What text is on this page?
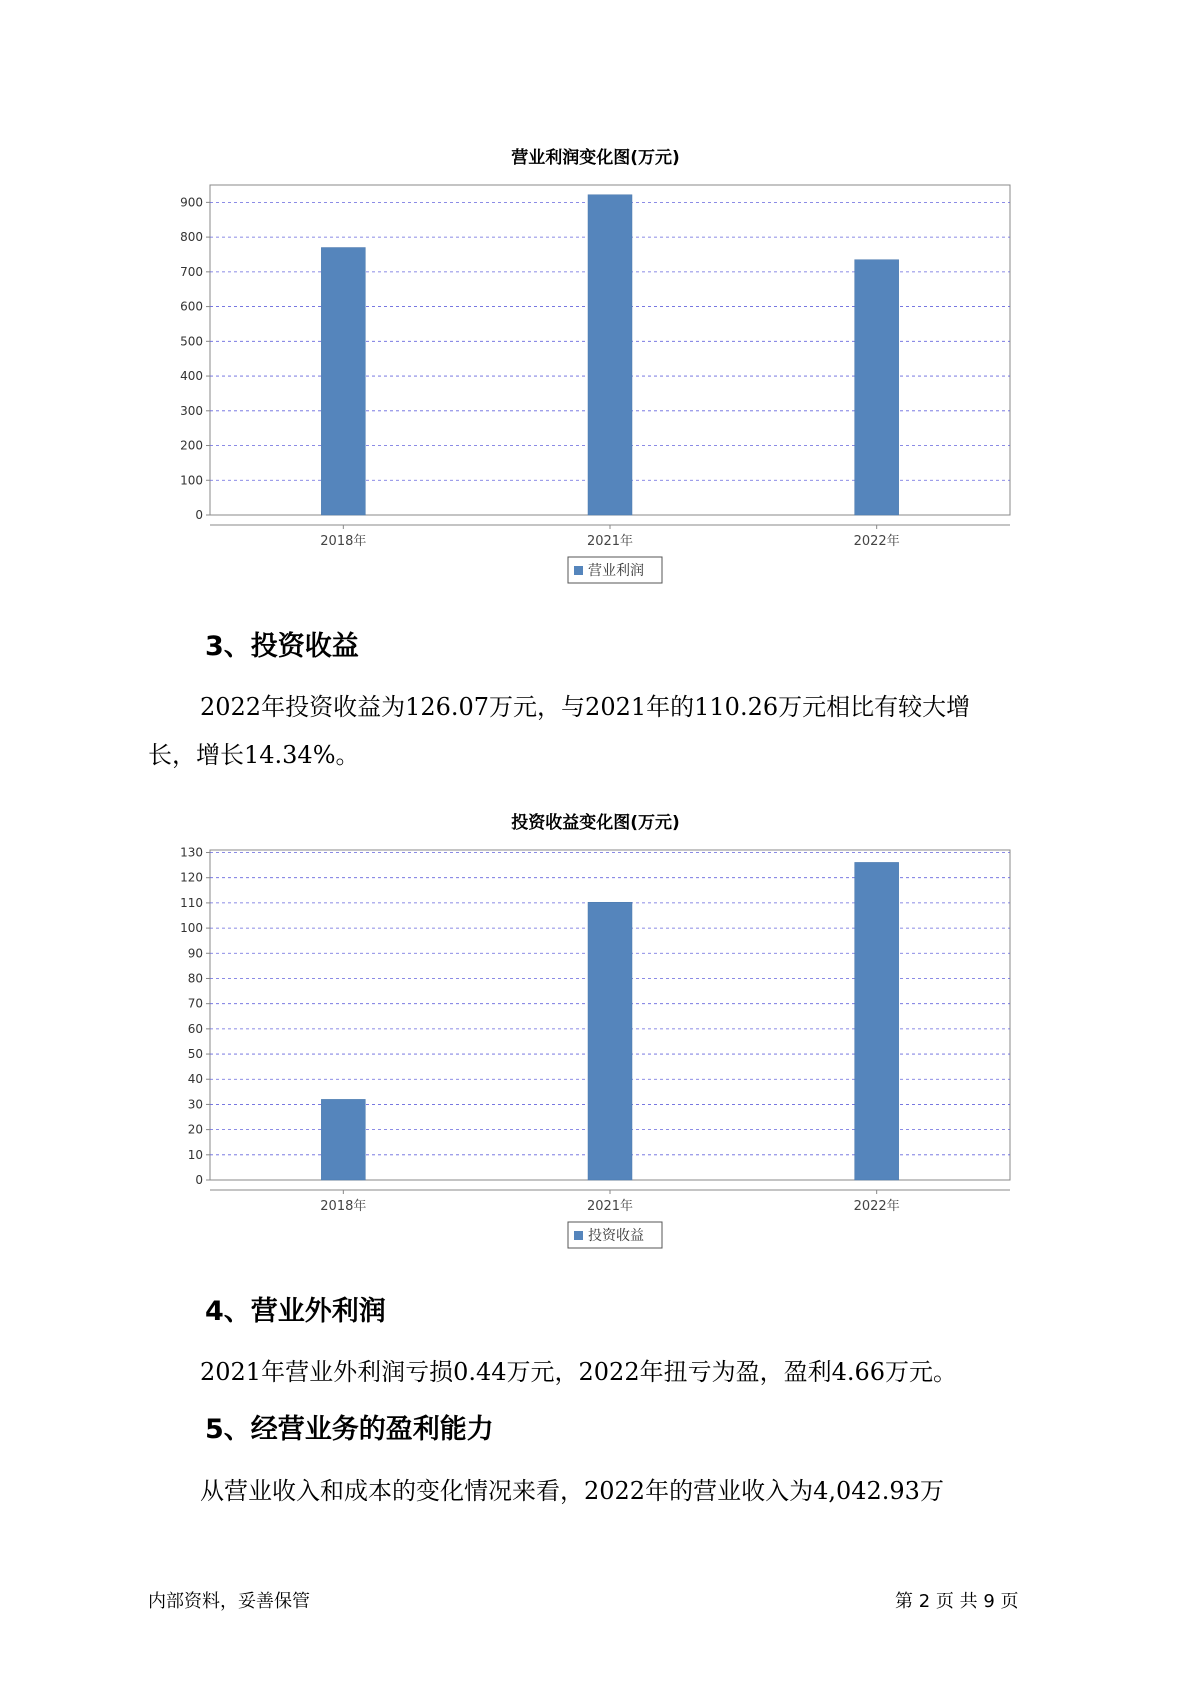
营业利润变化图(万元)
0
100
200
300
400
500
600
700
800
900
2018年	2021年	2022年
营业利润
3、投资收益
2022年投资收益为126.07万元，与2021年的110.26万元相比有较大增
长，增长14.34%。
投资收益变化图(万元)
0
10
20
30
40
50
60
70
80
90
100
110
120
130
2018年	2021年	2022年
投资收益
4、营业外利润
2021年营业外利润亏损0.44万元，2022年扭亏为盈，盈利4.66万元。
5、经营业务的盈利能力
从营业收入和成本的变化情况来看，2022年的营业收入为4,042.93万
内部资料，妥善保管	第 2 页 共 9 页
